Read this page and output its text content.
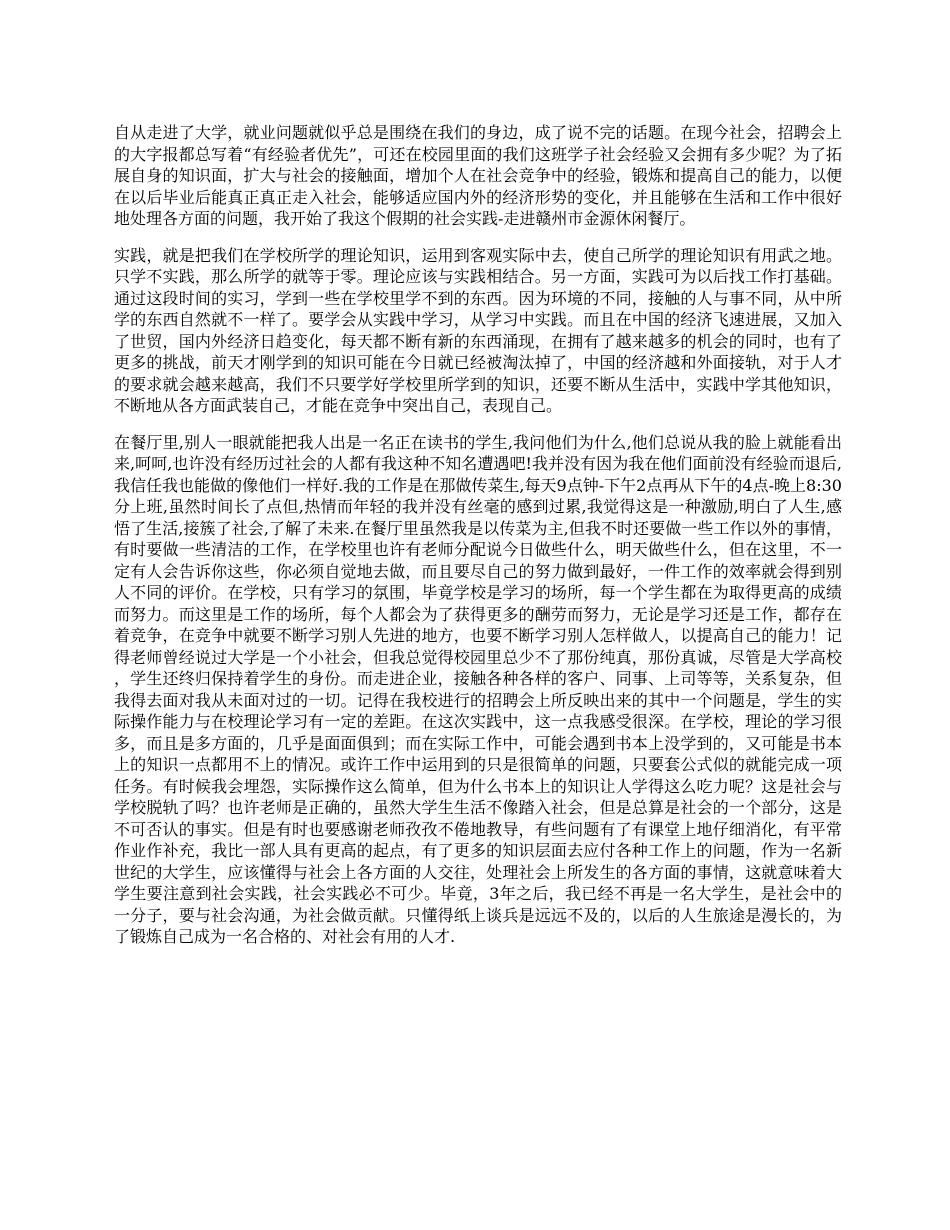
自从走进了大学，就业问题就似乎总是围绕在我们的身边，成了说不完的话题。在现今社会，招聘会上的大字报都总写着“有经验者优先”，可还在校园里面的我们这班学子社会经验又会拥有多少呢？为了拓展自身的知识面，扩大与社会的接触面，增加个人在社会竞争中的经验，锻炼和提高自己的能力，以便在以后毕业后能真正真正走入社会，能够适应国内外的经济形势的变化，并且能够在生活和工作中很好地处理各方面的问题，我开始了我这个假期的社会实践-走进赣州市金源休闲餐厅。

实践，就是把我们在学校所学的理论知识，运用到客观实际中去，使自己所学的理论知识有用武之地。只学不实践，那么所学的就等于零。理论应该与实践相结合。另一方面，实践可为以后找工作打基础。通过这段时间的实习，学到一些在学校里学不到的东西。因为环境的不同，接触的人与事不同，从中所学的东西自然就不一样了。要学会从实践中学习，从学习中实践。而且在中国的经济飞速进展，又加入了世贸，国内外经济日趋变化，每天都不断有新的东西涌现，在拥有了越来越多的机会的同时，也有了更多的挑战，前天才刚学到的知识可能在今日就已经被淘汰掉了，中国的经济越和外面接轨，对于人才的要求就会越来越高，我们不只要学好学校里所学到的知识，还要不断从生活中，实践中学其他知识，不断地从各方面武装自己，才能在竞争中突出自己，表现自己。

在餐厅里,别人一眼就能把我人出是一名正在读书的学生,我问他们为什么,他们总说从我的脸上就能看出来,呵呵,也许没有经历过社会的人都有我这种不知名遭遇吧!我并没有因为我在他们面前没有经验而退后,我信任我也能做的像他们一样好.我的工作是在那做传菜生,每天9点钟-下午2点再从下午的4点-晚上8:30分上班,虽然时间长了点但,热情而年轻的我并没有丝毫的感到过累,我觉得这是一种激励,明白了人生,感悟了生活,接簇了社会,了解了未来.在餐厅里虽然我是以传菜为主,但我不时还要做一些工作以外的事情，有时要做一些清洁的工作，在学校里也许有老师分配说今日做些什么，明天做些什么，但在这里，不一定有人会告诉你这些，你必须自觉地去做，而且要尽自己的努力做到最好，一件工作的效率就会得到别人不同的评价。在学校，只有学习的氛围，毕竟学校是学习的场所，每一个学生都在为取得更高的成绩而努力。而这里是工作的场所，每个人都会为了获得更多的酬劳而努力，无论是学习还是工作，都存在着竞争，在竞争中就要不断学习别人先进的地方，也要不断学习别人怎样做人，以提高自己的能力！记得老师曾经说过大学是一个小社会，但我总觉得校园里总少不了那份纯真，那份真诚，尽管是大学高校，学生还终归保持着学生的身份。而走进企业，接触各种各样的客户、同事、上司等等，关系复杂，但我得去面对我从未面对过的一切。记得在我校进行的招聘会上所反映出来的其中一个问题是，学生的实际操作能力与在校理论学习有一定的差距。在这次实践中，这一点我感受很深。在学校，理论的学习很多，而且是多方面的，几乎是面面俱到；而在实际工作中，可能会遇到书本上没学到的，又可能是书本上的知识一点都用不上的情况。或许工作中运用到的只是很简单的问题，只要套公式似的就能完成一项任务。有时候我会埋怨，实际操作这么简单，但为什么书本上的知识让人学得这么吃力呢？这是社会与学校脱轨了吗？也许老师是正确的，虽然大学生生活不像踏入社会，但是总算是社会的一个部分，这是不可否认的事实。但是有时也要感谢老师孜孜不倦地教导，有些问题有了有课堂上地仔细消化，有平常作业作补充，我比一部人具有更高的起点，有了更多的知识层面去应付各种工作上的问题，作为一名新世纪的大学生，应该懂得与社会上各方面的人交往，处理社会上所发生的各方面的事情，这就意味着大学生要注意到社会实践，社会实践必不可少。毕竟，3年之后，我已经不再是一名大学生，是社会中的一分子，要与社会沟通，为社会做贡献。只懂得纸上谈兵是远远不及的，以后的人生旅途是漫长的，为了锻炼自己成为一名合格的、对社会有用的人才.
